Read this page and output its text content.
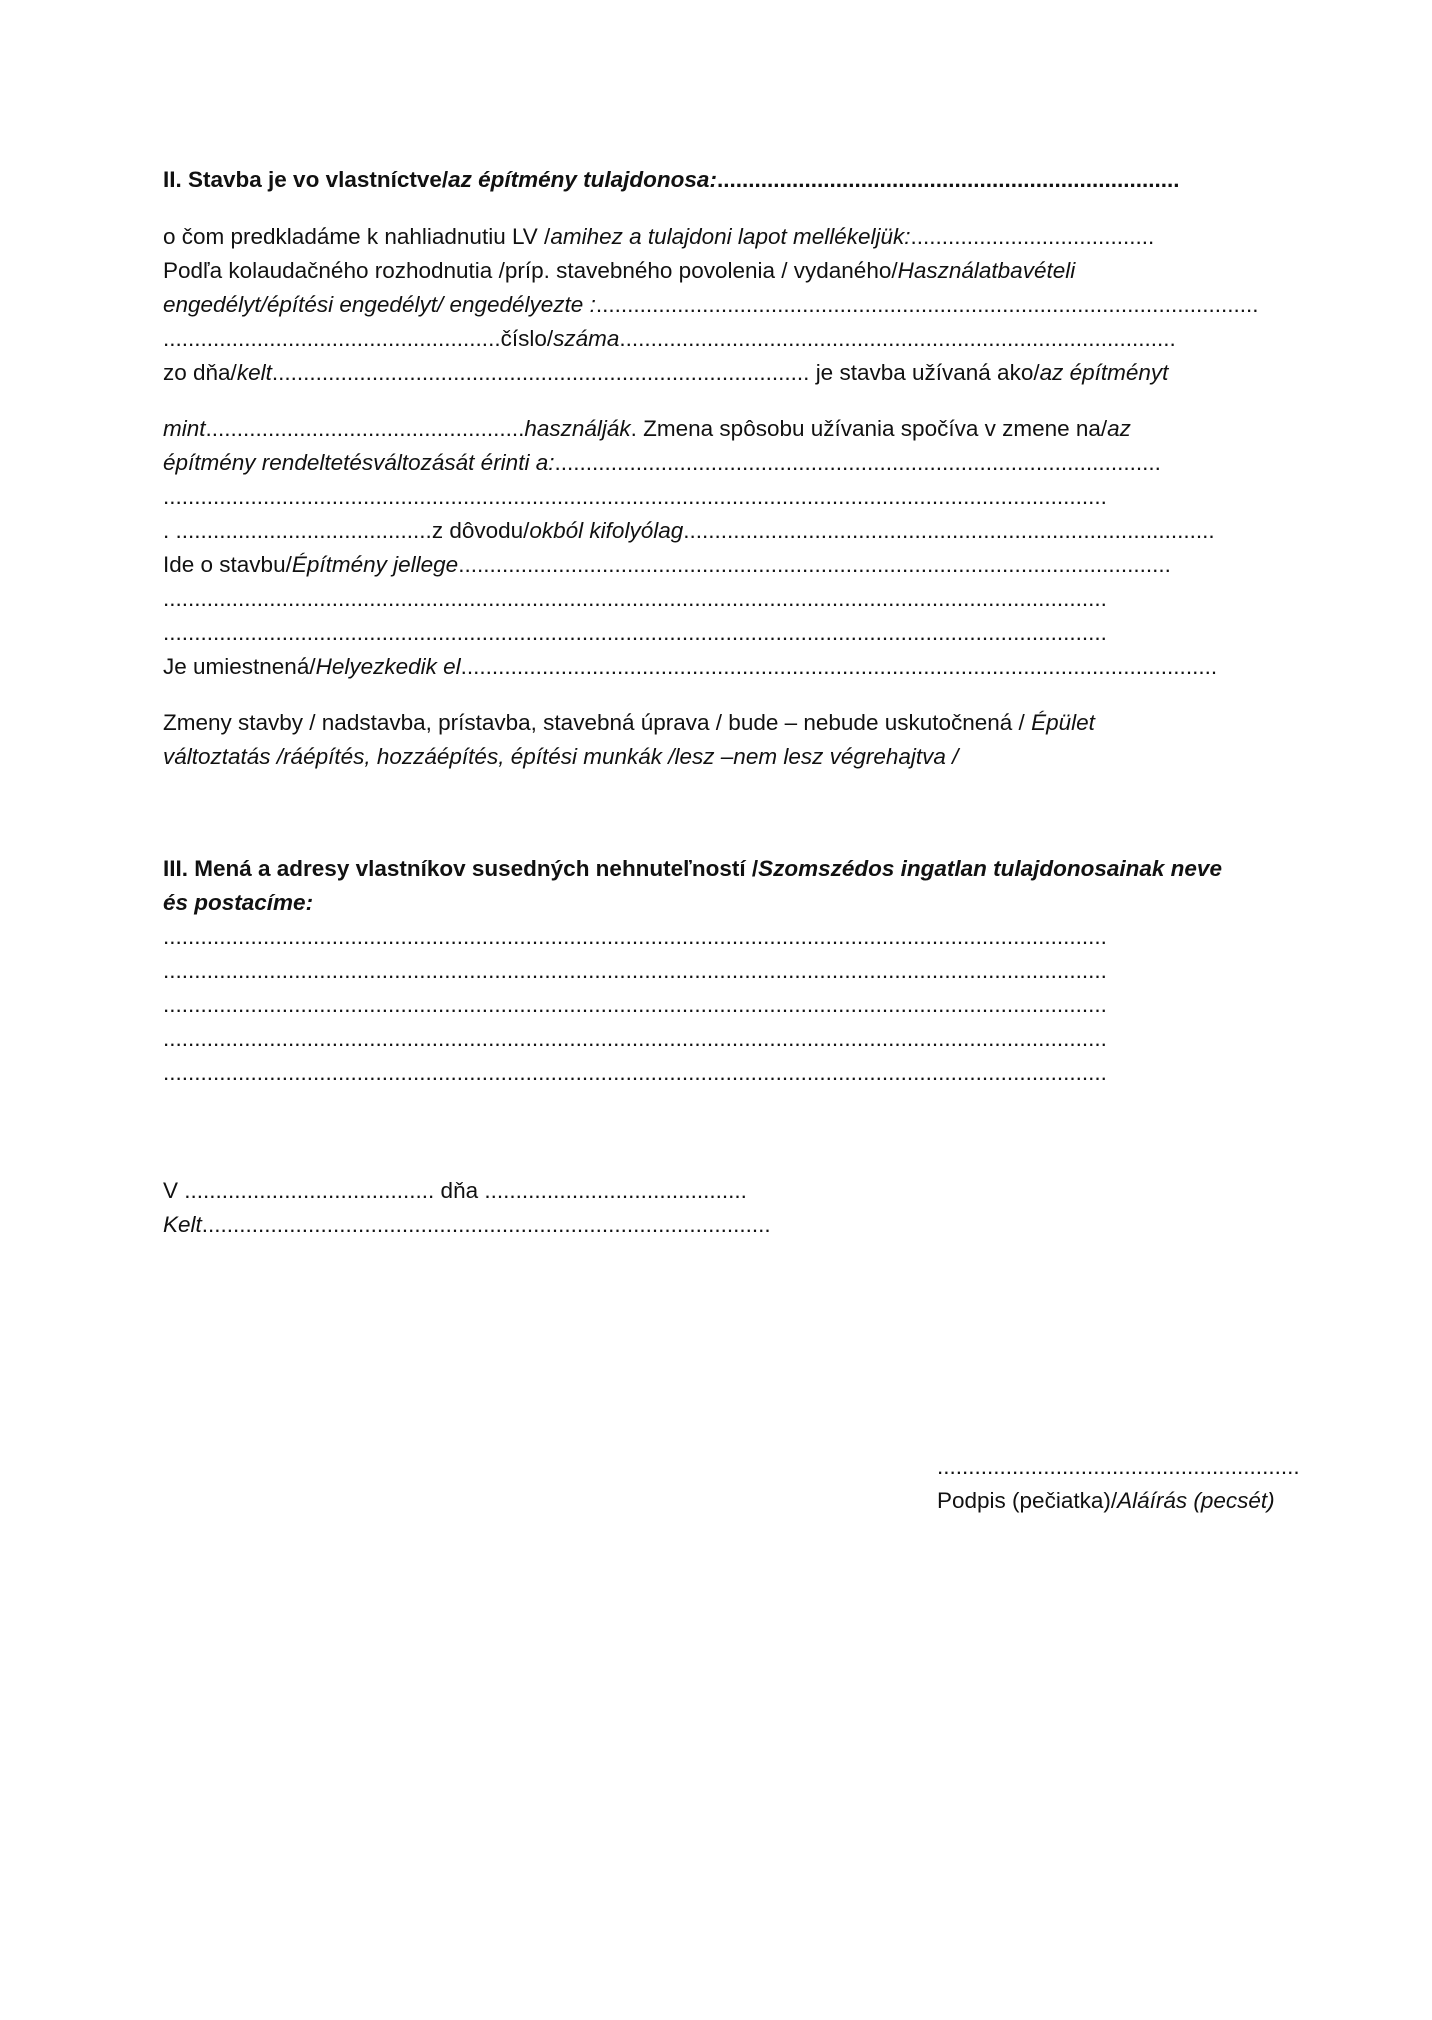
II. Stavba je vo vlastníctve/az építmény tulajdonosa:..........................................................................
o čom predkladáme k nahliadnutiu LV /amihez a tulajdoni lapot mellékeljük:.......................................
Podľa kolaudačného rozhodnutia /príp. stavebného povolenia / vydaného/Használatbavételi
engedélyt/építési engedélyt/ engedélyezte :..........................................................................................................
......................................................číslo/száma.........................................................................................
zo dňa/kelt...................................................................................... je stavba užívaná ako/az építményt
mint...................................................használják. Zmena spôsobu užívania spočíva v zmene na/az
építmény rendeltetésváltozását érinti a:.................................................................................................
.......................................................................................................................................................
. .........................................z dôvodu/okból kifolyólag.....................................................................................
Ide o stavbu/Építmény jellege..................................................................................................................
.......................................................................................................................................................
.......................................................................................................................................................
Je umiestnená/Helyezkedik el.........................................................................................................................
Zmeny stavby / nadstavba, prístavba, stavebná úprava / bude – nebude uskutočnená / Épület
változtatás /ráépítés, hozzáépítés, építési munkák /lesz –nem lesz végrehajtva /
III. Mená a adresy vlastníkov susedných nehnuteľností /Szomszédos ingatlan tulajdonosainak neve
és postacíme:
.......................................................................................................................................................
.......................................................................................................................................................
.......................................................................................................................................................
.......................................................................................................................................................
.......................................................................................................................................................
V ........................................ dňa ..........................................
Kelt...........................................................................................
..........................................................
Podpis (pečiatka)/Aláírás (pecsét)
